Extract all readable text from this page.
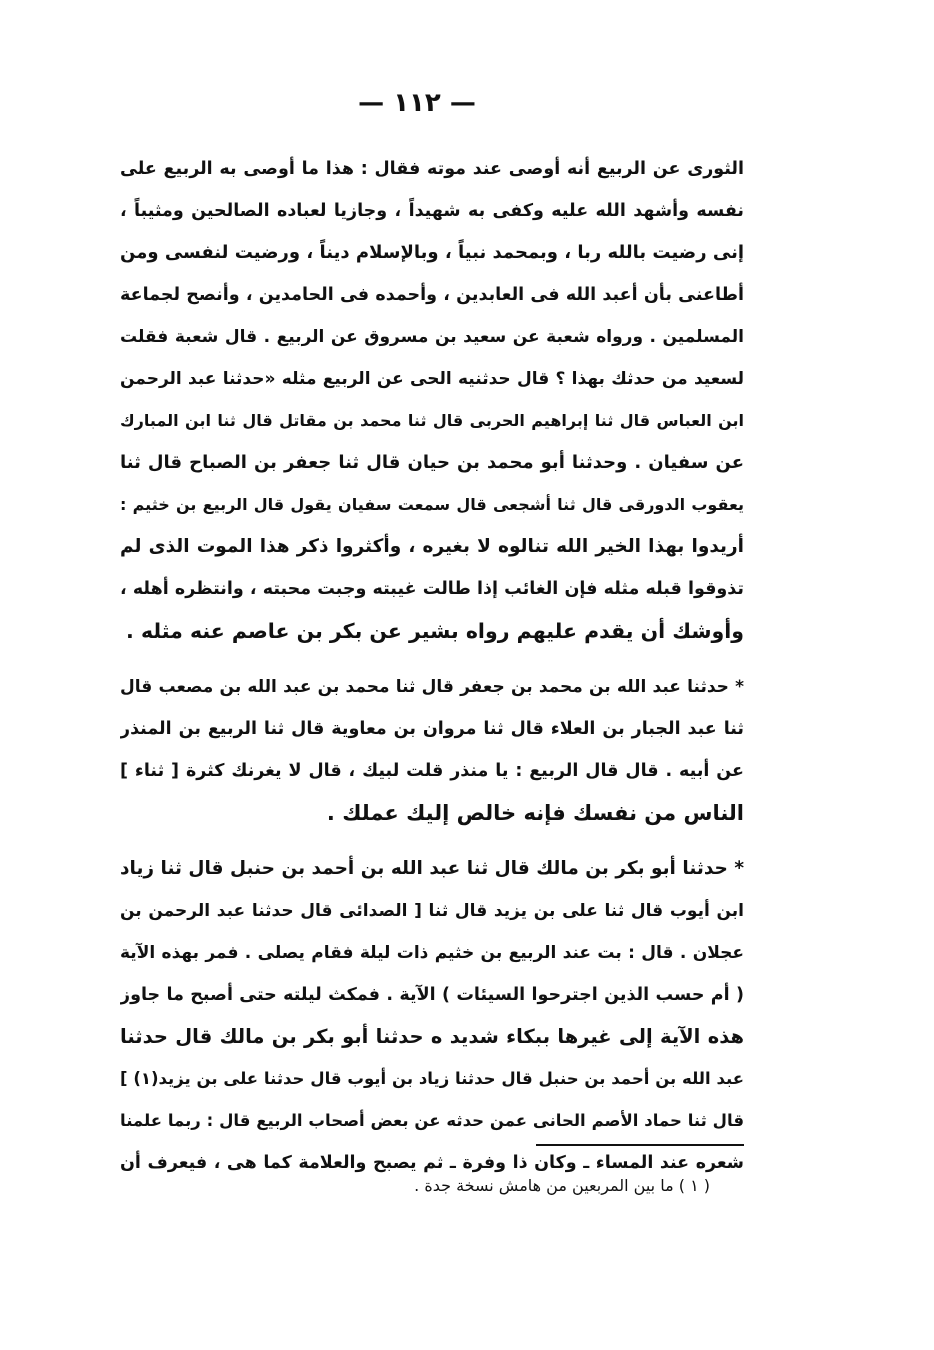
— ١١٢ —
الثورى عن الربيع أنه أوصى عند موته فقال : هذا ما أوصى به الربيع على
نفسه وأشهد الله عليه وكفى به شهيداً ، وجازيا لعباده الصالحين ومثيباً ،
إنى رضيت بالله ربا ، وبمحمد نبياً ، وبالإسلام ديناً ، ورضيت لنفسى ومن
أطاعنى بأن أعبد الله فى العابدين ، وأحمده فى الحامدين ، وأنصح لجماعة
المسلمين . ورواه شعبة عن سعيد بن مسروق عن الربيع . قال شعبة فقلت
لسعيد من حدثك بهذا ؟ قال حدثنيه الحى عن الربيع مثله «حدثنا عبد الرحمن
ابن العباس قال ثنا إبراهيم الحربى قال ثنا محمد بن مقاتل قال ثنا ابن المبارك
عن سفيان . وحدثنا أبو محمد بن حيان قال ثنا جعفر بن الصباح قال ثنا
يعقوب الدورقى قال ثنا أشجعى قال سمعت سفيان يقول قال الربيع بن خثيم :
أريدوا بهذا الخير الله تنالوه لا بغيره ، وأكثروا ذكر هذا الموت الذى لم
تذوقوا قبله مثله فإن الغائب إذا طالت غيبته وجبت محبته ، وانتظره أهله ،
وأوشك أن يقدم عليهم رواه بشير عن بكر بن عاصم عنه مثله .
* حدثنا عبد الله بن محمد بن جعفر قال ثنا محمد بن عبد الله بن مصعب قال
ثنا عبد الجبار بن العلاء قال ثنا مروان بن معاوية قال ثنا الربيع بن المنذر
عن أبيه . قال قال الربيع : يا منذر قلت لبيك ، قال لا يغرنك كثرة [ ثناء ]
الناس من نفسك فإنه خالص إليك عملك .
* حدثنا أبو بكر بن مالك قال ثنا عبد الله بن أحمد بن حنبل قال ثنا زياد
ابن أيوب قال ثنا على بن يزيد قال ثنا [ الصدائى قال حدثنا عبد الرحمن بن
عجلان . قال : بت عند الربيع بن خثيم ذات ليلة فقام يصلى . فمر بهذه الآية
( أم حسب الذين اجترحوا السيئات ) الآية . فمكث ليلته حتى أصبح ما جاوز
هذه الآية إلى غيرها ببكاء شديد ه حدثنا أبو بكر بن مالك قال حدثنا
عبد الله بن أحمد بن حنبل قال حدثنا زياد بن أيوب قال حدثنا على بن يزيد(١) ]
قال ثنا حماد الأصم الحانى عمن حدثه عن بعض أصحاب الربيع قال : ربما علمنا
شعره عند المساء ـ وكان ذا وفرة ـ ثم يصبح والعلامة كما هى ، فيعرف أن
( ١ ) ما بين المربعين من هامش نسخة جدة .
